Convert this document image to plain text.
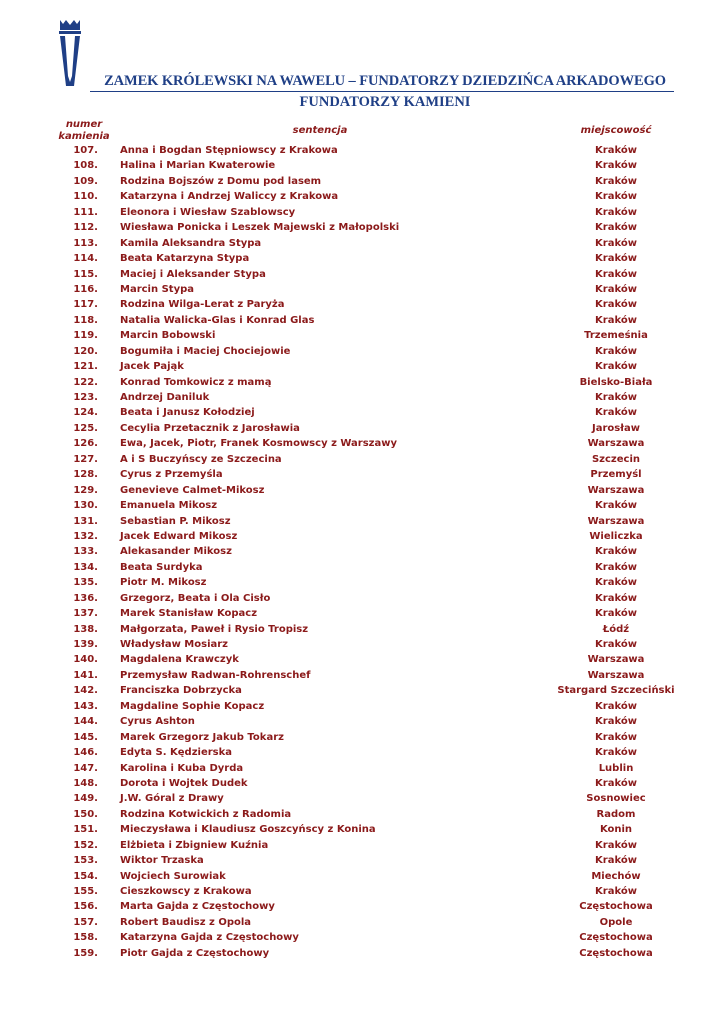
ZAMEK KRÓLEWSKI NA WAWELU – FUNDATORZY DZIEDZIŃCA ARKADOWEGO
FUNDATORZY KAMIENI
numer
kamienia	sentencja	miejscowość
107. Anna i Bogdan Stępniowscy z Krakowa	Kraków
108. Halina i Marian Kwaterowie	Kraków
109. Rodzina Bojszów z Domu pod lasem	Kraków
110. Katarzyna i Andrzej Waliccy z Krakowa	Kraków
111. Eleonora i Wiesław Szablowscy	Kraków
112. Wiesława Ponicka i Leszek Majewski z Małopolski	Kraków
113. Kamila Aleksandra Stypa	Kraków
114. Beata Katarzyna Stypa	Kraków
115. Maciej i Aleksander Stypa	Kraków
116. Marcin Stypa	Kraków
117. Rodzina Wilga-Lerat z Paryża	Kraków
118. Natalia Walicka-Glas i Konrad Glas	Kraków
119. Marcin Bobowski	Trzemeśnia
120. Bogumiła i Maciej Chociejowie	Kraków
121. Jacek Pająk	Kraków
122. Konrad Tomkowicz z mamą	Bielsko-Biała
123. Andrzej Daniluk	Kraków
124. Beata i Janusz Kołodziej	Kraków
125. Cecylia Przetacznik z Jarosławia	Jarosław
126. Ewa, Jacek, Piotr, Franek Kosmowscy z Warszawy	Warszawa
127. A i S Buczyńscy ze Szczecina	Szczecin
128. Cyrus z Przemyśla	Przemyśl
129. Genevieve Calmet-Mikosz	Warszawa
130. Emanuela Mikosz	Kraków
131. Sebastian P. Mikosz	Warszawa
132. Jacek Edward Mikosz	Wieliczka
133. Alekasander Mikosz	Kraków
134. Beata Surdyka	Kraków
135. Piotr M. Mikosz	Kraków
136. Grzegorz, Beata i Ola Cisło	Kraków
137. Marek Stanisław Kopacz	Kraków
138. Małgorzata, Paweł i Rysio Tropisz	Łódź
139. Władysław Mosiarz	Kraków
140. Magdalena Krawczyk	Warszawa
141. Przemysław Radwan-Rohrenschef	Warszawa
142. Franciszka Dobrzycka	Stargard Szczeciński
143. Magdaline Sophie Kopacz	Kraków
144. Cyrus Ashton	Kraków
145. Marek Grzegorz Jakub Tokarz	Kraków
146. Edyta S. Kędzierska	Kraków
147. Karolina i Kuba Dyrda	Lublin
148. Dorota i Wojtek Dudek	Kraków
149. J.W. Góral z Drawy	Sosnowiec
150. Rodzina Kotwickich z Radomia	Radom
151. Mieczysława i Klaudiusz Goszcyńscy z Konina	Konin
152. Elżbieta i Zbigniew Kuźnia	Kraków
153. Wiktor Trzaska	Kraków
154. Wojciech Surowiak	Miechów
155. Cieszkowscy z Krakowa	Kraków
156. Marta Gajda z Częstochowy	Częstochowa
157. Robert Baudisz z Opola	Opole
158. Katarzyna Gajda z Częstochowy	Częstochowa
159. Piotr Gajda z Częstochowy	Częstochowa
